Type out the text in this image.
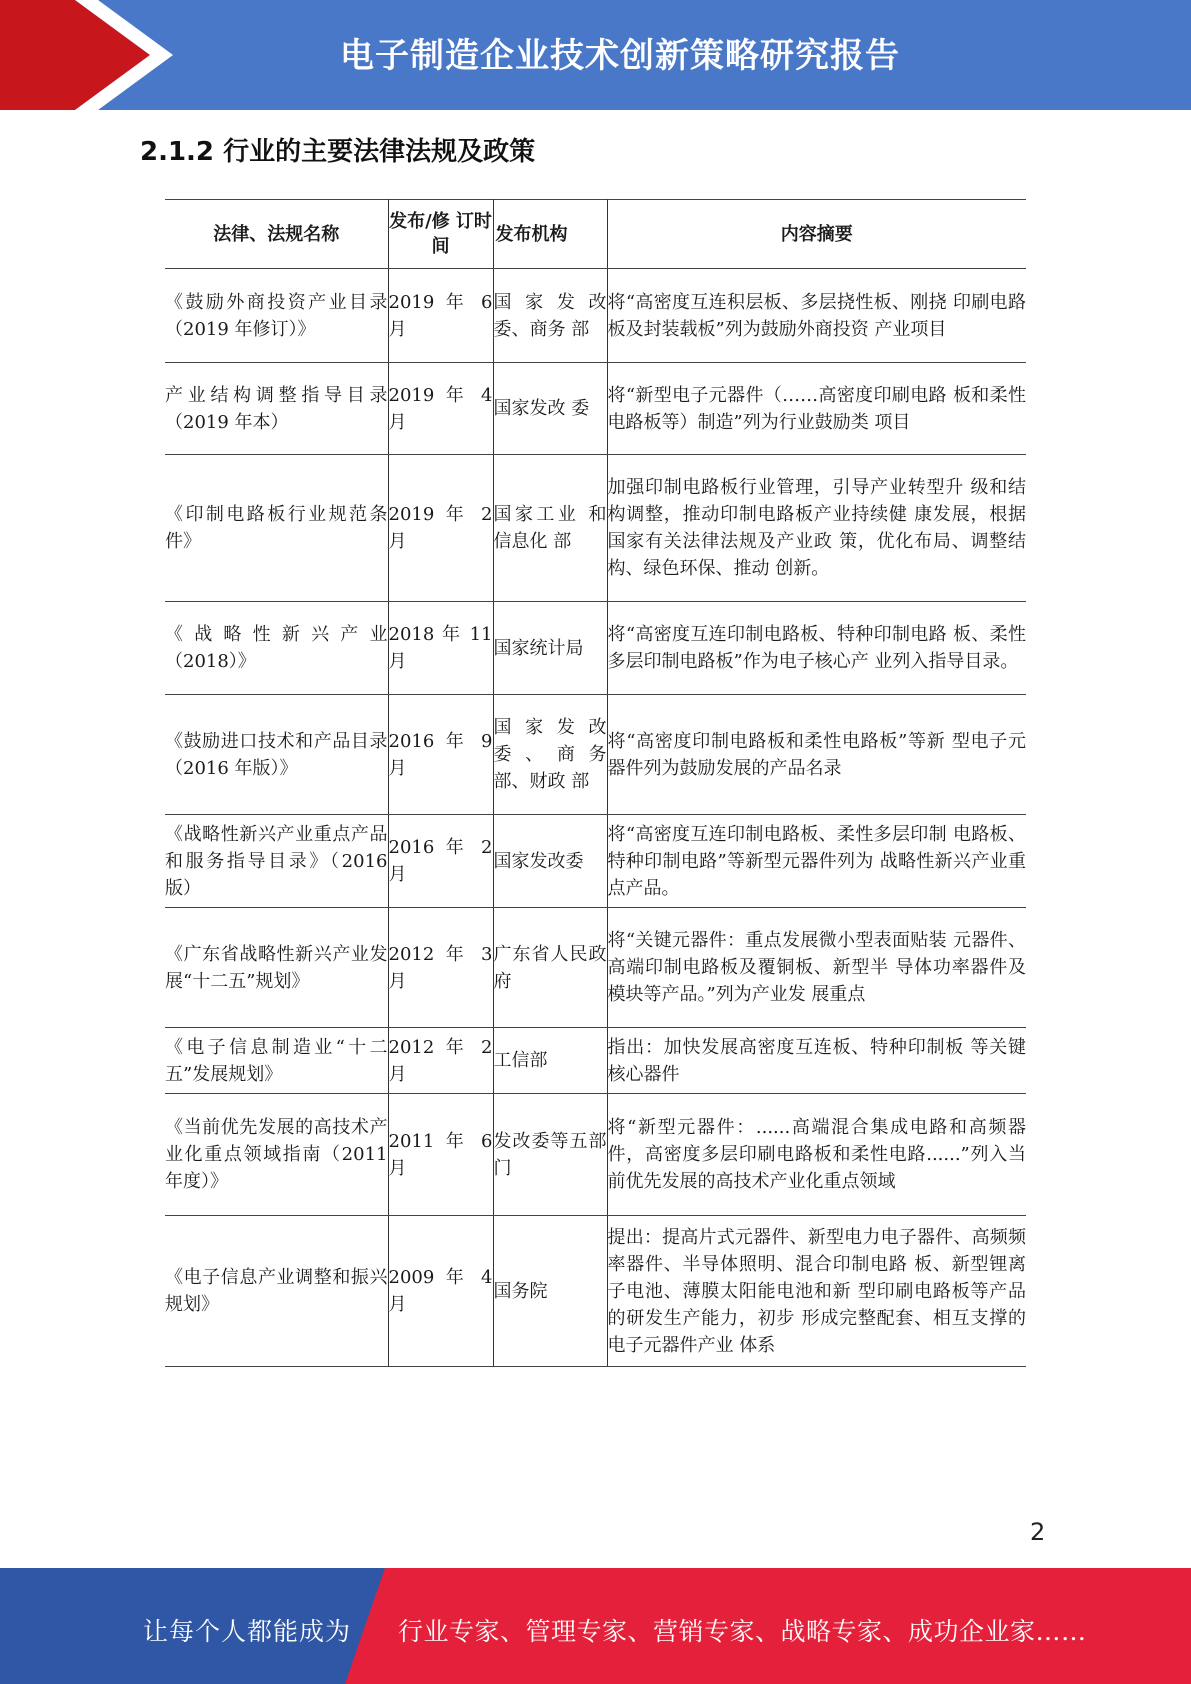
电子制造企业技术创新策略研究报告
2.1.2 行业的主要法律法规及政策
法律、法规名称	发布/修 订时间	发布机构	内容摘要
《鼓励外商投资产业目录（2019 年修订）》	2019 年 6 月	国 家 发 改委、商务 部	将“高密度互连积层板、多层挠性板、刚挠 印刷电路板及封装载板”列为鼓励外商投资 产业项目
产业结构调整指导目录（2019 年本）	2019 年 4 月	国家发改 委	将“新型电子元器件（……高密度印刷电路 板和柔性电路板等）制造”列为行业鼓励类 项目
《印制电路板行业规范条件》	2019 年 2 月	国家工业 和信息化 部	加强印制电路板行业管理，引导产业转型升 级和结构调整，推动印制电路板产业持续健 康发展，根据国家有关法律法规及产业政 策，优化布局、调整结构、绿色环保、推动 创新。
《战略性新兴产业（2018）》	2018 年 11 月	国家统计局	将“高密度互连印制电路板、特种印制电路 板、柔性多层印制电路板”作为电子核心产 业列入指导目录。
《鼓励进口技术和产品目录（2016 年版）》	2016 年 9 月	国 家 发 改委、商务 部、财政 部	将“高密度印制电路板和柔性电路板”等新 型电子元器件列为鼓励发展的产品名录
《战略性新兴产业重点产品和服务指导目录》（2016 版）	2016 年 2 月	国家发改委	将“高密度互连印制电路板、柔性多层印制 电路板、特种印制电路”等新型元器件列为 战略性新兴产业重点产品。
《广东省战略性新兴产业发展“十二五”规划》	2012 年 3 月	广东省人民政府	将“关键元器件：重点发展微小型表面贴装 元器件、高端印制电路板及覆铜板、新型半 导体功率器件及模块等产品。”列为产业发 展重点
《电子信息制造业“十二五”发展规划》	2012 年 2 月	工信部	指出：加快发展高密度互连板、特种印制板 等关键核心器件
《当前优先发展的高技术产业化重点领域指南（2011 年度）》	2011 年 6 月	发改委等五部门	将“新型元器件：......高端混合集成电路和高频器件，高密度多层印刷电路板和柔性电路......”列入当前优先发展的高技术产业化重点领域
《电子信息产业调整和振兴规划》	2009 年 4 月	国务院	提出：提高片式元器件、新型电力电子器件、高频频率器件、半导体照明、混合印制电路 板、新型锂离子电池、薄膜太阳能电池和新 型印刷电路板等产品的研发生产能力，初步 形成完整配套、相互支撑的电子元器件产业 体系
2
让每个人都能成为 行业专家、管理专家、营销专家、战略专家、成功企业家……
